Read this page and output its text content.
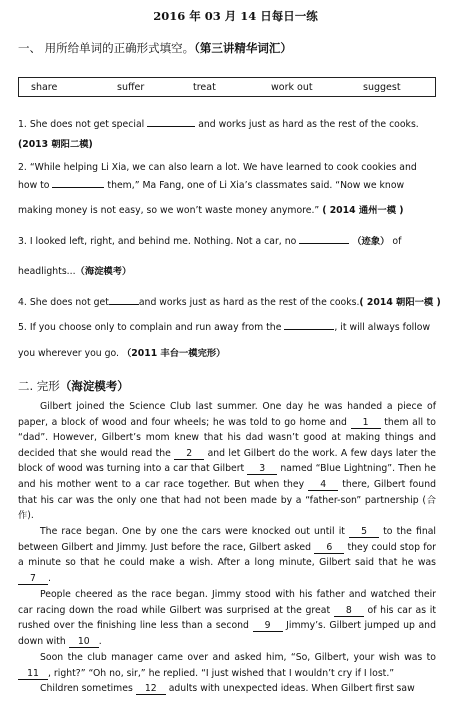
2016 年 03 月 14 日每日一练
一、 用所给单词的正确形式填空。（第三讲精华词汇）
share	suffer	treat	work out	suggest
1. She does not get special	and works just as hard as the rest of the cooks.
(2013 朝阳二模)
2. “While helping Li Xia, we can also learn a lot. We have learned to cook cookies and
how to	them,” Ma Fang, one of Li Xia’s classmates said. “Now we know
making money is not easy, so we won’t waste money anymore.” ( 2014 通州一模 )
3. I looked left, right, and behind me. Nothing. Not a car, no	（迹象） of
headlights...（海淀模考）
4. She does not get	and works just as hard as the rest of the cooks.( 2014 朝阳一模 )
5. If you choose only to complain and run away from the	, it will always follow
you wherever you go. （2011 丰台一模完形）
二. 完形（海淀模考）

Gilbert joined the Science Club last summer. One day he was handed a piece of paper, a block of wood and four wheels; he was told to go home and 1 them all to “dad”. However, Gilbert’s mom knew that his dad wasn’t good at making things and decided that she would read the 2 and let Gilbert do the work. A few days later the block of wood was turning into a car that Gilbert 3 named “Blue Lightning”. Then he and his mother went to a car race together. But when they 4 there, Gilbert found that his car was the only one that had not been made by a “father-son” partnership (合作).

The race began. One by one the cars were knocked out until it 5 to the final between Gilbert and Jimmy. Just before the race, Gilbert asked 6 they could stop for a minute so that he could make a wish. After a long minute, Gilbert said that he was 7 .

People cheered as the race began. Jimmy stood with his father and watched their car racing down the road while Gilbert was surprised at the great 8 of his car as it rushed over the finishing line less than a second 9 Jimmy’s. Gilbert jumped up and down with 10 .

Soon the club manager came over and asked him, “So, Gilbert, your wish was to 11 , right?” “Oh no, sir,” he replied. “I just wished that I wouldn’t cry if I lost.”

Children sometimes 12 adults with unexpected ideas. When Gilbert first saw
